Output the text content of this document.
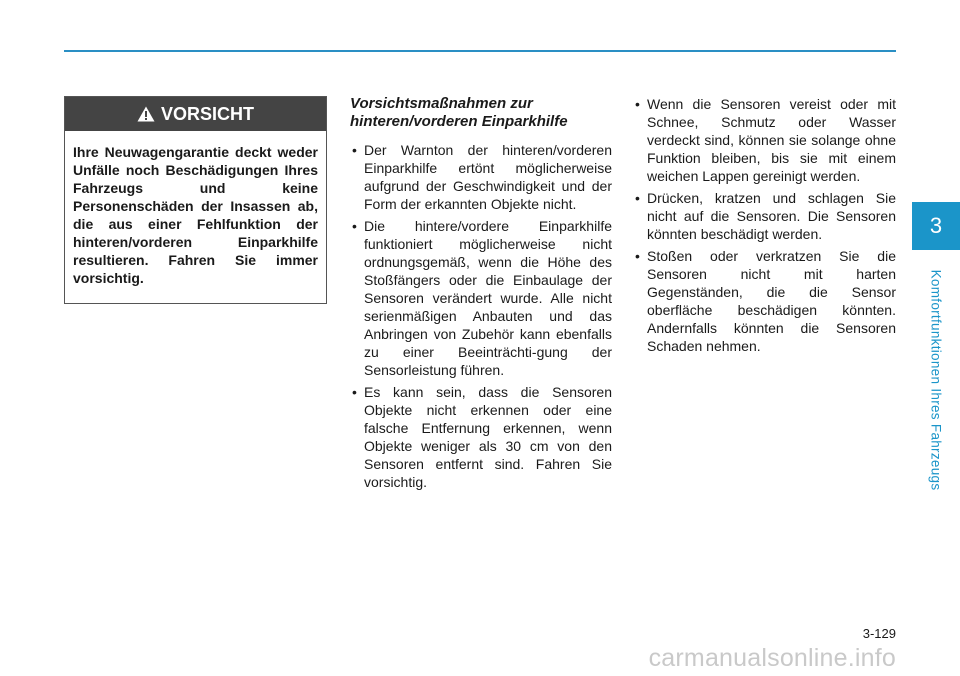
3
Komfortfunktionen Ihres Fahrzeugs
VORSICHT
Ihre Neuwagengarantie deckt weder Unfälle noch Beschädigungen Ihres Fahrzeugs und keine Personenschäden der Insassen ab, die aus einer Fehlfunktion der hinteren/vorderen Einparkhilfe resultieren. Fahren Sie immer vorsichtig.
Vorsichtsmaßnahmen zur hinteren/vorderen Einparkhilfe
• Der Warnton der hinteren/vorderen Einparkhilfe ertönt möglicherweise aufgrund der Geschwindigkeit und der Form der erkannten Objekte nicht.
• Die hintere/vordere Einparkhilfe funktioniert möglicherweise nicht ordnungsgemäß, wenn die Höhe des Stoßfängers oder die Einbaulage der Sensoren verändert wurde. Alle nicht serienmäßigen Anbauten und das Anbringen von Zubehör kann ebenfalls zu einer Beeinträchti-gung der Sensorleistung führen.
• Es kann sein, dass die Sensoren Objekte nicht erkennen oder eine falsche Entfernung erkennen, wenn Objekte weniger als 30 cm von den Sensoren entfernt sind. Fahren Sie vorsichtig.
• Wenn die Sensoren vereist oder mit Schnee, Schmutz oder Wasser verdeckt sind, können sie solange ohne Funktion bleiben, bis sie mit einem weichen Lappen gereinigt werden.
• Drücken, kratzen und schlagen Sie nicht auf die Sensoren. Die Sensoren könnten beschädigt werden.
• Stoßen oder verkratzen Sie die Sensoren nicht mit harten Gegenständen, die die Sensor oberfläche beschädigen könnten. Andernfalls könnten die Sensoren Schaden nehmen.
3-129
carmanualsonline.info
